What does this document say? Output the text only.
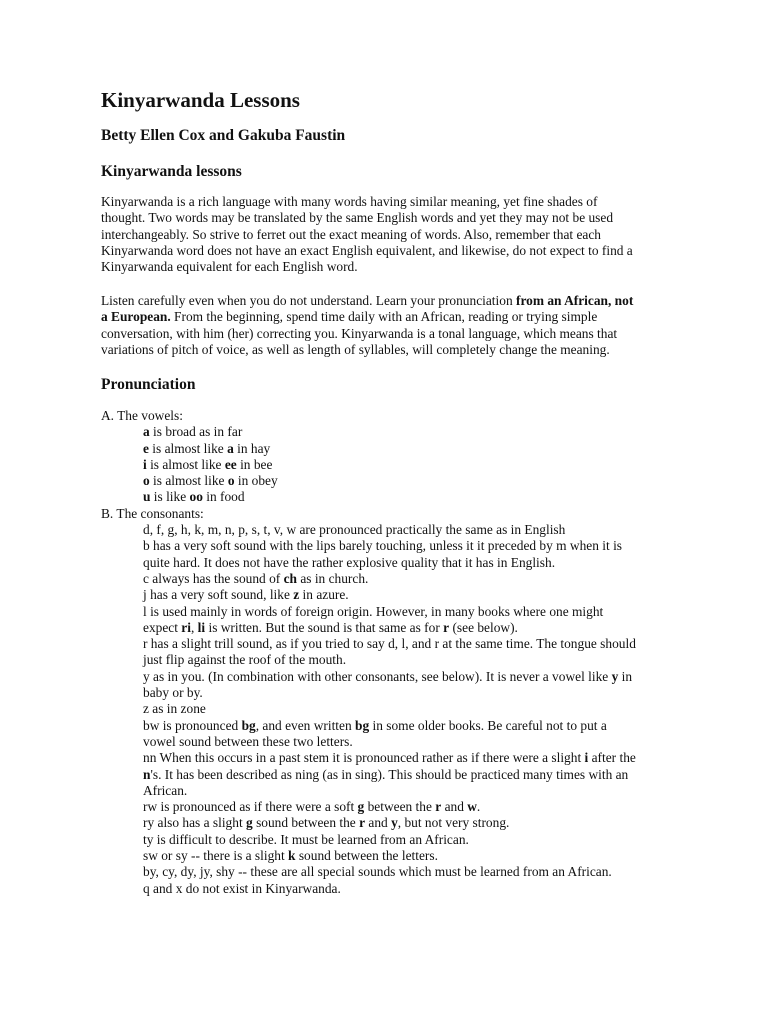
Kinyarwanda Lessons
Betty Ellen Cox and Gakuba Faustin
Kinyarwanda lessons
Kinyarwanda is a rich language with many words having similar meaning, yet fine shades of
thought. Two words may be translated by the same English words and yet they may not be used
interchangeably. So strive to ferret out the exact meaning of words. Also, remember that each
Kinyarwanda word does not have an exact English equivalent, and likewise, do not expect to find a
Kinyarwanda equivalent for each English word.
Listen carefully even when you do not understand. Learn your pronunciation from an African, not
a European. From the beginning, spend time daily with an African, reading or trying simple
conversation, with him (her) correcting you. Kinyarwanda is a tonal language, which means that
variations of pitch of voice, as well as length of syllables, will completely change the meaning.
Pronunciation
A. The vowels:
a is broad as in far
e is almost like a in hay
i is almost like ee in bee
o is almost like o in obey
u is like oo in food
B. The consonants:
d, f, g, h, k, m, n, p, s, t, v, w are pronounced practically the same as in English
b has a very soft sound with the lips barely touching, unless it it preceded by m when it is
quite hard. It does not have the rather explosive quality that it has in English.
c always has the sound of ch as in church.
j has a very soft sound, like z in azure.
l is used mainly in words of foreign origin. However, in many books where one might
expect ri, li is written. But the sound is that same as for r (see below).
r has a slight trill sound, as if you tried to say d, l, and r at the same time. The tongue should
just flip against the roof of the mouth.
y as in you. (In combination with other consonants, see below). It is never a vowel like y in
baby or by.
z as in zone
bw is pronounced bg, and even written bg in some older books. Be careful not to put a
vowel sound between these two letters.
nn When this occurs in a past stem it is pronounced rather as if there were a slight i after the
n's. It has been described as ning (as in sing). This should be practiced many times with an
African.
rw is pronounced as if there were a soft g between the r and w.
ry also has a slight g sound between the r and y, but not very strong.
ty is difficult to describe. It must be learned from an African.
sw or sy -- there is a slight k sound between the letters.
by, cy, dy, jy, shy -- these are all special sounds which must be learned from an African.
q and x do not exist in Kinyarwanda.
